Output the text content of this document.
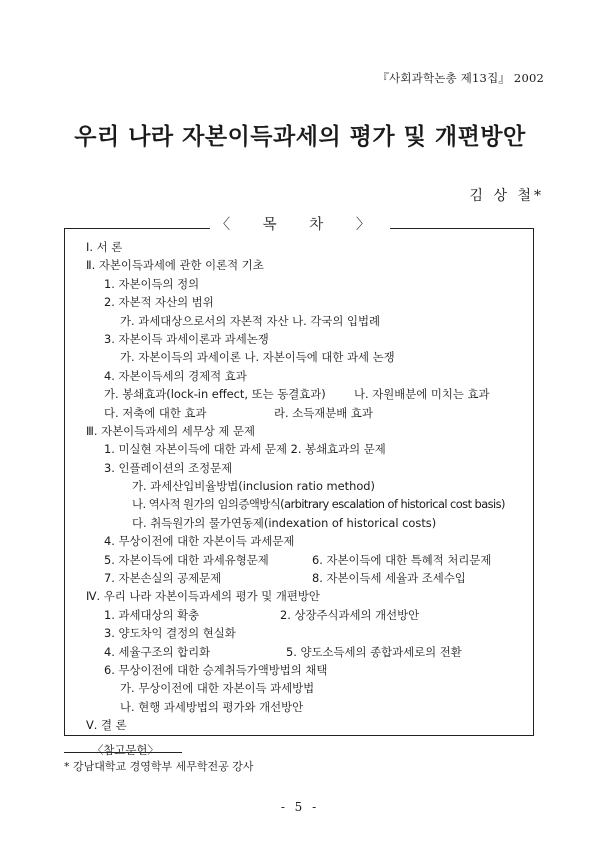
『사회과학논총 제13집』 2002
우리 나라 자본이득과세의 평가 및 개편방안
김 상 철*
〈 목 차 〉
Ⅰ. 서 론
Ⅱ. 자본이득과세에 관한 이론적 기초
1. 자본이득의 정의
2. 자본적 자산의 범위
가. 과세대상으로서의 자본적 자산 나. 각국의 입법례
3. 자본이득 과세이론과 과세논쟁
가. 자본이득의 과세이론 나. 자본이득에 대한 과세 논쟁
4. 자본이득세의 경제적 효과
가. 봉쇄효과(lock-in effect, 또는 동결효과) 나. 자원배분에 미치는 효과
다. 저축에 대한 효과	라. 소득재분배 효과
Ⅲ. 자본이득과세의 세무상 제 문제
1. 미실현 자본이득에 대한 과세 문제 2. 봉쇄효과의 문제
3. 인플레이션의 조정문제
가. 과세산입비율방법(inclusion ratio method)
나. 역사적 원가의 임의증액방식(arbitrary escalation of historical cost basis)
다. 취득원가의 물가연동제(indexation of historical costs)
4. 무상이전에 대한 자본이득 과세문제
5. 자본이득에 대한 과세유형문제	6. 자본이득에 대한 특혜적 처리문제
7. 자본손실의 공제문제	8. 자본이득세 세율과 조세수입
Ⅳ. 우리 나라 자본이득과세의 평가 및 개편방안
1. 과세대상의 확충	2. 상장주식과세의 개선방안
3. 양도차익 결정의 현실화
4. 세율구조의 합리화	5. 양도소득세의 종합과세로의 전환
6. 무상이전에 대한 승계취득가액방법의 채택
가. 무상이전에 대한 자본이득 과세방법
나. 현행 과세방법의 평가와 개선방안
Ⅴ. 결 론
〈참고문헌〉
* 강남대학교 경영학부 세무학전공 강사
- 5 -
